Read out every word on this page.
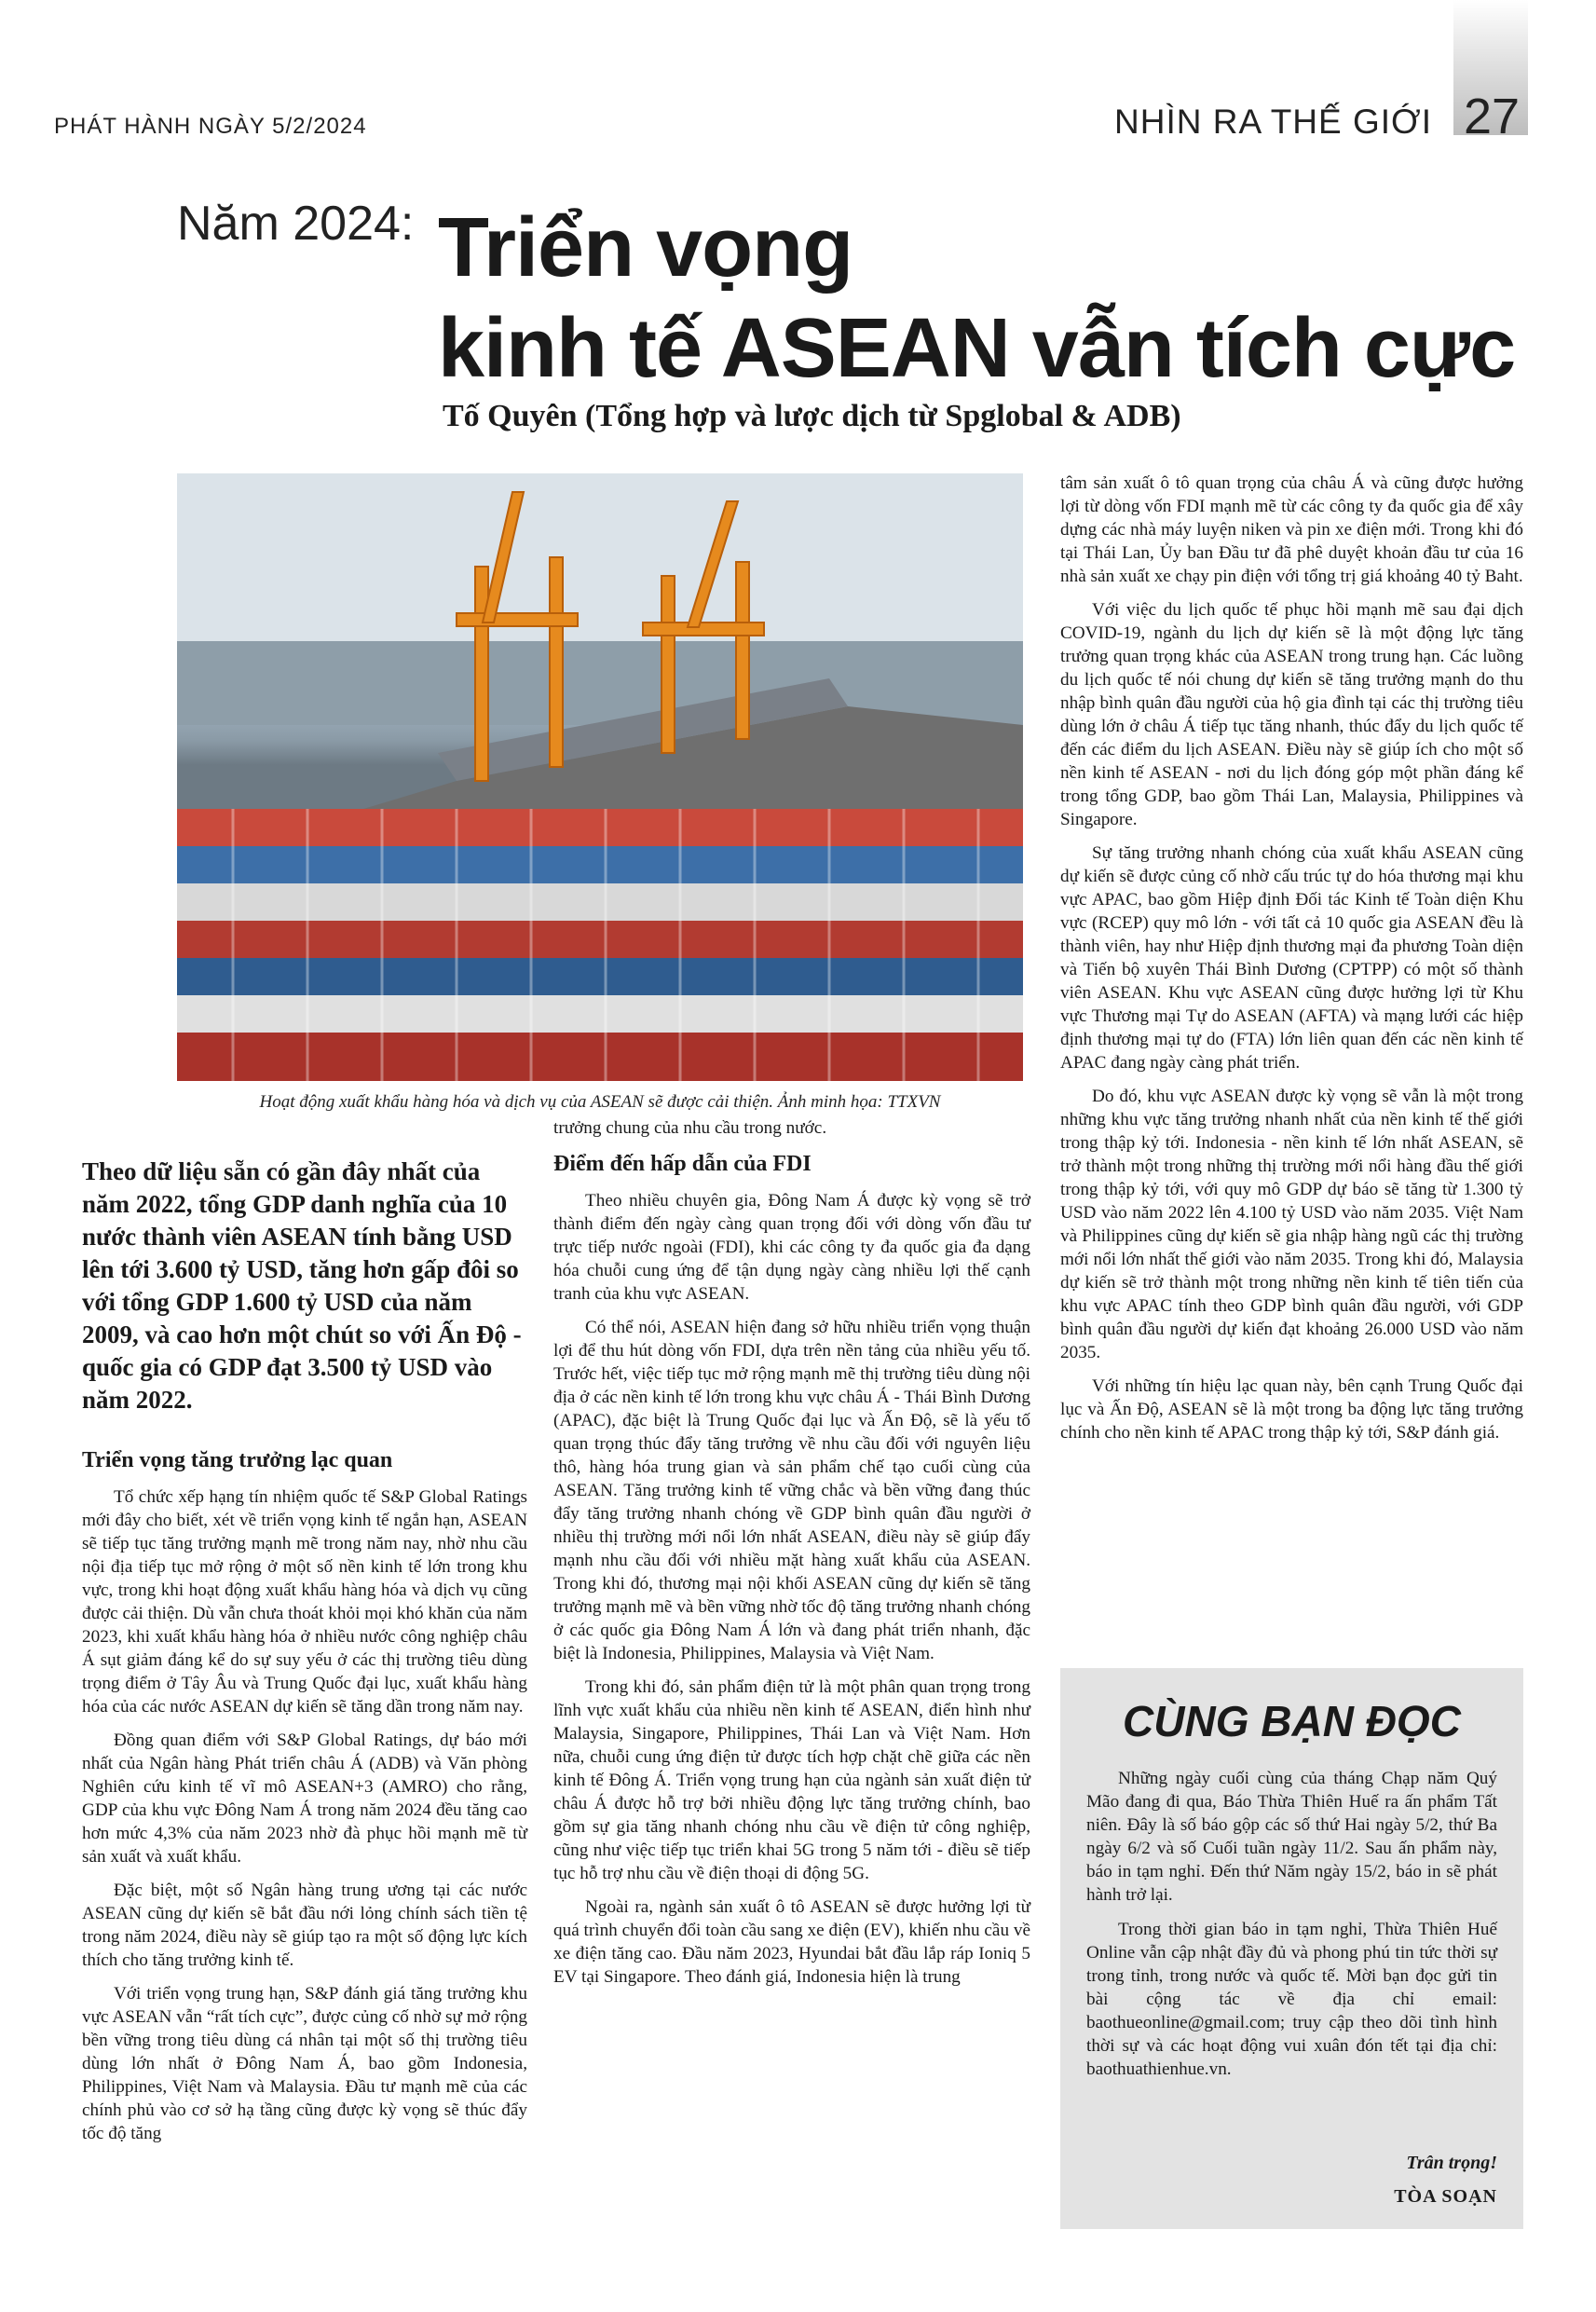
PHÁT HÀNH NGÀY 5/2/2024	NHÌN RA THẾ GIỚI 27
Năm 2024: Triển vọng
kinh tế ASEAN vẫn tích cực
Tố Quyên (Tổng hợp và lược dịch từ Spglobal & ADB)
Hoạt động xuất khẩu hàng hóa và dịch vụ của ASEAN sẽ được cải thiện. Ảnh minh họa: TTXVN
Theo dữ liệu sẵn có gần đây nhất của năm 2022, tổng GDP danh nghĩa của 10 nước thành viên ASEAN tính bằng USD lên tới 3.600 tỷ USD, tăng hơn gấp đôi so với tổng GDP 1.600 tỷ USD của năm 2009, và cao hơn một chút so với Ấn Độ - quốc gia có GDP đạt 3.500 tỷ USD vào năm 2022.
Triển vọng tăng trưởng lạc quan

Tổ chức xếp hạng tín nhiệm quốc tế S&P Global Ratings mới đây cho biết, xét về triển vọng kinh tế ngắn hạn, ASEAN sẽ tiếp tục tăng trưởng mạnh mẽ trong năm nay, nhờ nhu cầu nội địa tiếp tục mở rộng ở một số nền kinh tế lớn trong khu vực, trong khi hoạt động xuất khẩu hàng hóa và dịch vụ cũng được cải thiện. Dù vẫn chưa thoát khỏi mọi khó khăn của năm 2023, khi xuất khẩu hàng hóa ở nhiều nước công nghiệp châu Á sụt giảm đáng kể do sự suy yếu ở các thị trường tiêu dùng trọng điểm ở Tây Âu và Trung Quốc đại lục, xuất khẩu hàng hóa của các nước ASEAN dự kiến sẽ tăng dần trong năm nay.

Đồng quan điểm với S&P Global Ratings, dự báo mới nhất của Ngân hàng Phát triển châu Á (ADB) và Văn phòng Nghiên cứu kinh tế vĩ mô ASEAN+3 (AMRO) cho rằng, GDP của khu vực Đông Nam Á trong năm 2024 đều tăng cao hơn mức 4,3% của năm 2023 nhờ đà phục hồi mạnh mẽ từ sản xuất và xuất khẩu.

Đặc biệt, một số Ngân hàng trung ương tại các nước ASEAN cũng dự kiến sẽ bắt đầu nới lỏng chính sách tiền tệ trong năm 2024, điều này sẽ giúp tạo ra một số động lực kích thích cho tăng trưởng kinh tế.

Với triển vọng trung hạn, S&P đánh giá tăng trưởng khu vực ASEAN vẫn “rất tích cực”, được củng cố nhờ sự mở rộng bền vững trong tiêu dùng cá nhân tại một số thị trường tiêu dùng lớn nhất ở Đông Nam Á, bao gồm Indonesia, Philippines, Việt Nam và Malaysia. Đầu tư mạnh mẽ của các chính phủ vào cơ sở hạ tầng cũng được kỳ vọng sẽ thúc đẩy tốc độ tăng

trưởng chung của nhu cầu trong nước.

Điểm đến hấp dẫn của FDI

Theo nhiều chuyên gia, Đông Nam Á được kỳ vọng sẽ trở thành điểm đến ngày càng quan trọng đối với dòng vốn đầu tư trực tiếp nước ngoài (FDI), khi các công ty đa quốc gia đa dạng hóa chuỗi cung ứng để tận dụng ngày càng nhiều lợi thế cạnh tranh của khu vực ASEAN.

Có thể nói, ASEAN hiện đang sở hữu nhiều triển vọng thuận lợi để thu hút dòng vốn FDI, dựa trên nền tảng của nhiều yếu tố. Trước hết, việc tiếp tục mở rộng mạnh mẽ thị trường tiêu dùng nội địa ở các nền kinh tế lớn trong khu vực châu Á - Thái Bình Dương (APAC), đặc biệt là Trung Quốc đại lục và Ấn Độ, sẽ là yếu tố quan trọng thúc đẩy tăng trưởng về nhu cầu đối với nguyên liệu thô, hàng hóa trung gian và sản phẩm chế tạo cuối cùng của ASEAN. Tăng trưởng kinh tế vững chắc và bền vững đang thúc đẩy tăng trưởng nhanh chóng về GDP bình quân đầu người ở nhiều thị trường mới nổi lớn nhất ASEAN, điều này sẽ giúp đẩy mạnh nhu cầu đối với nhiều mặt hàng xuất khẩu của ASEAN. Trong khi đó, thương mại nội khối ASEAN cũng dự kiến sẽ tăng trưởng mạnh mẽ và bền vững nhờ tốc độ tăng trưởng nhanh chóng ở các quốc gia Đông Nam Á lớn và đang phát triển nhanh, đặc biệt là Indonesia, Philippines, Malaysia và Việt Nam.

Trong khi đó, sản phẩm điện tử là một phân quan trọng trong lĩnh vực xuất khẩu của nhiều nền kinh tế ASEAN, điển hình như Malaysia, Singapore, Philippines, Thái Lan và Việt Nam. Hơn nữa, chuỗi cung ứng điện tử được tích hợp chặt chẽ giữa các nền kinh tế Đông Á. Triển vọng trung hạn của ngành sản xuất điện tử châu Á được hỗ trợ bởi nhiều động lực tăng trưởng chính, bao gồm sự gia tăng nhanh chóng nhu cầu về điện tử công nghiệp, cũng như việc tiếp tục triển khai 5G trong 5 năm tới - điều sẽ tiếp tục hỗ trợ nhu cầu về điện thoại di động 5G.

Ngoài ra, ngành sản xuất ô tô ASEAN sẽ được hưởng lợi từ quá trình chuyển đổi toàn cầu sang xe điện (EV), khiến nhu cầu về xe điện tăng cao. Đầu năm 2023, Hyundai bắt đầu lắp ráp Ioniq 5 EV tại Singapore. Theo đánh giá, Indonesia hiện là trung

tâm sản xuất ô tô quan trọng của châu Á và cũng được hưởng lợi từ dòng vốn FDI mạnh mẽ từ các công ty đa quốc gia để xây dựng các nhà máy luyện niken và pin xe điện mới. Trong khi đó tại Thái Lan, Ủy ban Đầu tư đã phê duyệt khoản đầu tư của 16 nhà sản xuất xe chạy pin điện với tổng trị giá khoảng 40 tỷ Baht.

Với việc du lịch quốc tế phục hồi mạnh mẽ sau đại dịch COVID-19, ngành du lịch dự kiến sẽ là một động lực tăng trưởng quan trọng khác của ASEAN trong trung hạn. Các luồng du lịch quốc tế nói chung dự kiến sẽ tăng trưởng mạnh do thu nhập bình quân đầu người của hộ gia đình tại các thị trường tiêu dùng lớn ở châu Á tiếp tục tăng nhanh, thúc đẩy du lịch quốc tế đến các điểm du lịch ASEAN. Điều này sẽ giúp ích cho một số nền kinh tế ASEAN - nơi du lịch đóng góp một phần đáng kể trong tổng GDP, bao gồm Thái Lan, Malaysia, Philippines và Singapore.

Sự tăng trưởng nhanh chóng của xuất khẩu ASEAN cũng dự kiến sẽ được củng cố nhờ cấu trúc tự do hóa thương mại khu vực APAC, bao gồm Hiệp định Đối tác Kinh tế Toàn diện Khu vực (RCEP) quy mô lớn - với tất cả 10 quốc gia ASEAN đều là thành viên, hay như Hiệp định thương mại đa phương Toàn diện và Tiến bộ xuyên Thái Bình Dương (CPTPP) có một số thành viên ASEAN. Khu vực ASEAN cũng được hưởng lợi từ Khu vực Thương mại Tự do ASEAN (AFTA) và mạng lưới các hiệp định thương mại tự do (FTA) lớn liên quan đến các nền kinh tế APAC đang ngày càng phát triển.

Do đó, khu vực ASEAN được kỳ vọng sẽ vẫn là một trong những khu vực tăng trưởng nhanh nhất của nền kinh tế thế giới trong thập kỷ tới. Indonesia - nền kinh tế lớn nhất ASEAN, sẽ trở thành một trong những thị trường mới nổi hàng đầu thế giới trong thập kỷ tới, với quy mô GDP dự báo sẽ tăng từ 1.300 tỷ USD vào năm 2022 lên 4.100 tỷ USD vào năm 2035. Việt Nam và Philippines cũng dự kiến sẽ gia nhập hàng ngũ các thị trường mới nổi lớn nhất thế giới vào năm 2035. Trong khi đó, Malaysia dự kiến sẽ trở thành một trong những nền kinh tế tiên tiến của khu vực APAC tính theo GDP bình quân đầu người, với GDP bình quân đầu người dự kiến đạt khoảng 26.000 USD vào năm 2035.

Với những tín hiệu lạc quan này, bên cạnh Trung Quốc đại lục và Ấn Độ, ASEAN sẽ là một trong ba động lực tăng trưởng chính cho nền kinh tế APAC trong thập kỷ tới, S&P đánh giá.

CÙNG BẠN ĐỌC

Những ngày cuối cùng của tháng Chạp năm Quý Mão đang đi qua, Báo Thừa Thiên Huế ra ấn phẩm Tất niên. Đây là số báo gộp các số thứ Hai ngày 5/2, thứ Ba ngày 6/2 và số Cuối tuần ngày 11/2. Sau ấn phẩm này, báo in tạm nghỉ. Đến thứ Năm ngày 15/2, báo in sẽ phát hành trở lại.

Trong thời gian báo in tạm nghỉ, Thừa Thiên Huế Online vẫn cập nhật đầy đủ và phong phú tin tức thời sự trong tỉnh, trong nước và quốc tế. Mời bạn đọc gửi tin bài cộng tác về địa chỉ email: baothueonline@gmail.com; truy cập theo dõi tình hình thời sự và các hoạt động vui xuân đón tết tại địa chỉ: baothuathienhue.vn.

Trân trọng!
TÒA SOẠN
